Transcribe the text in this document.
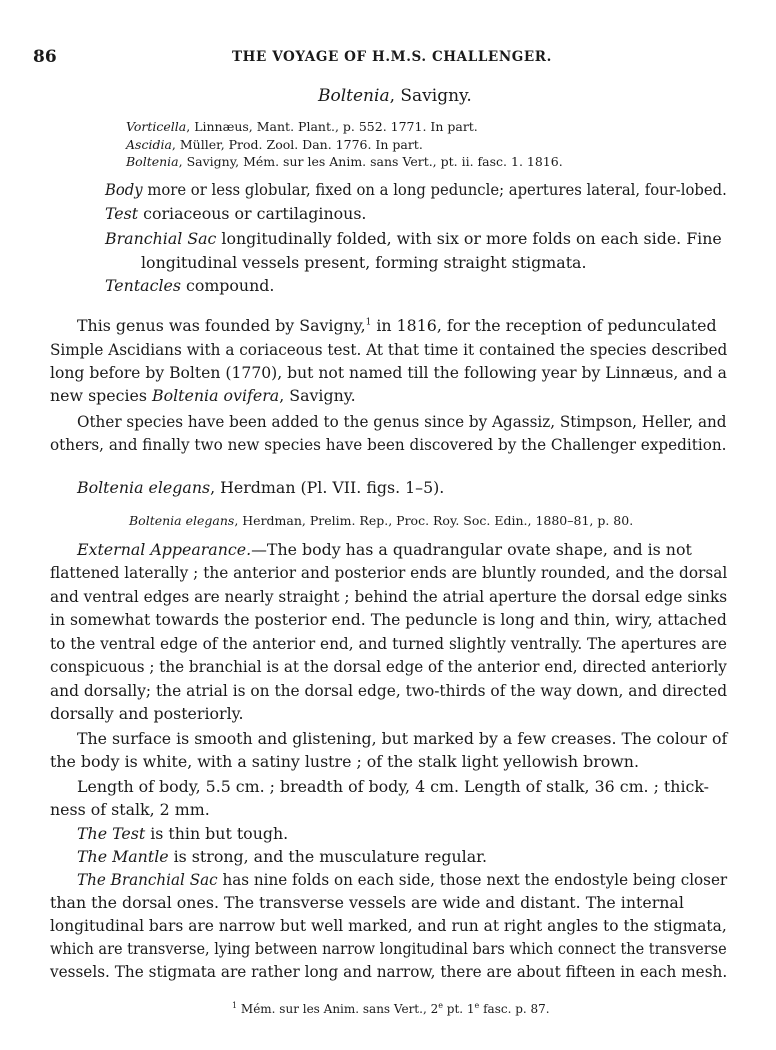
86	THE VOYAGE OF H.M.S. CHALLENGER.
Boltenia, Savigny.
Vorticella, Linnæus, Mant. Plant., p. 552. 1771. In part.
Ascidia, Müller, Prod. Zool. Dan. 1776. In part.
Boltenia, Savigny, Mém. sur les Anim. sans Vert., pt. ii. fasc. 1. 1816.
Body more or less globular, fixed on a long peduncle; apertures lateral, four-lobed.
Test coriaceous or cartilaginous.
Branchial Sac longitudinally folded, with six or more folds on each side. Fine
longitudinal vessels present, forming straight stigmata.
Tentacles compound.
This genus was founded by Savigny,$^1$ in 1816, for the reception of pedunculated
Simple Ascidians with a coriaceous test. At that time it contained the species described
long before by Bolten (1770), but not named till the following year by Linnæus, and a
new species Boltenia ovifera, Savigny.
Other species have been added to the genus since by Agassiz, Stimpson, Heller, and
others, and finally two new species have been discovered by the Challenger expedition.
Boltenia elegans, Herdman (Pl. VII. figs. 1–5).
Boltenia elegans, Herdman, Prelim. Rep., Proc. Roy. Soc. Edin., 1880–81, p. 80.
External Appearance.—The body has a quadrangular ovate shape, and is not
flattened laterally ; the anterior and posterior ends are bluntly rounded, and the dorsal
and ventral edges are nearly straight ; behind the atrial aperture the dorsal edge sinks
in somewhat towards the posterior end. The peduncle is long and thin, wiry, attached
to the ventral edge of the anterior end, and turned slightly ventrally. The apertures are
conspicuous ; the branchial is at the dorsal edge of the anterior end, directed anteriorly
and dorsally; the atrial is on the dorsal edge, two-thirds of the way down, and directed
dorsally and posteriorly.
The surface is smooth and glistening, but marked by a few creases. The colour of
the body is white, with a satiny lustre ; of the stalk light yellowish brown.
Length of body, 5.5 cm. ; breadth of body, 4 cm. Length of stalk, 36 cm. ; thick-
ness of stalk, 2 mm.
The Test is thin but tough.
The Mantle is strong, and the musculature regular.
The Branchial Sac has nine folds on each side, those next the endostyle being closer
than the dorsal ones. The transverse vessels are wide and distant. The internal
longitudinal bars are narrow but well marked, and run at right angles to the stigmata,
which are transverse, lying between narrow longitudinal bars which connect the transverse
vessels. The stigmata are rather long and narrow, there are about fifteen in each mesh.
$^1$ Mém. sur les Anim. sans Vert., 2e pt. 1e fasc. p. 87.
